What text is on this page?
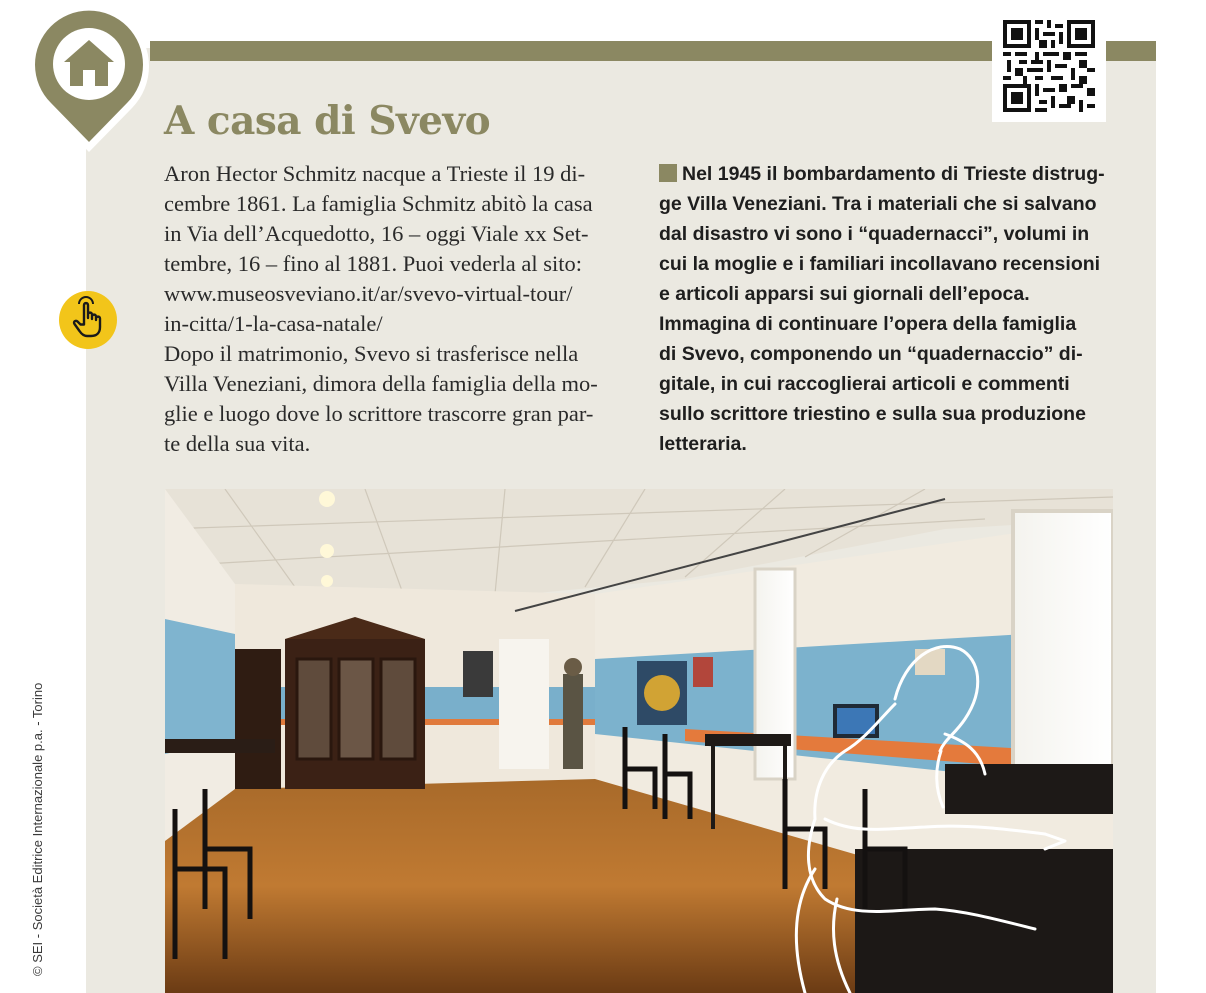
A casa di Svevo
© SEI - Società Editrice Internazionale p.a. - Torino

Aron Hector Schmitz nacque a Trieste il 19 di-
cembre 1861. La famiglia Schmitz abitò la casa
in Via dell’Acquedotto, 16 – oggi Viale xx Set-
tembre, 16 – fino al 1881. Puoi vederla al sito:
www.museosveviano.it/ar/svevo-virtual-tour/
in-citta/1-la-casa-natale/
Dopo il matrimonio, Svevo si trasferisce nella
Villa Veneziani, dimora della famiglia della mo-
glie e luogo dove lo scrittore trascorre gran par-
te della sua vita.

Nel 1945 il bombardamento di Trieste distrug-
ge Villa Veneziani. Tra i materiali che si salvano
dal disastro vi sono i “quadernacci”, volumi in
cui la moglie e i familiari incollavano recensioni
e articoli apparsi sui giornali dell’epoca.
Immagina di continuare l’opera della famiglia
di Svevo, componendo un “quadernaccio” di-
gitale, in cui raccoglierai articoli e commenti
sullo scrittore triestino e sulla sua produzione
letteraria.
